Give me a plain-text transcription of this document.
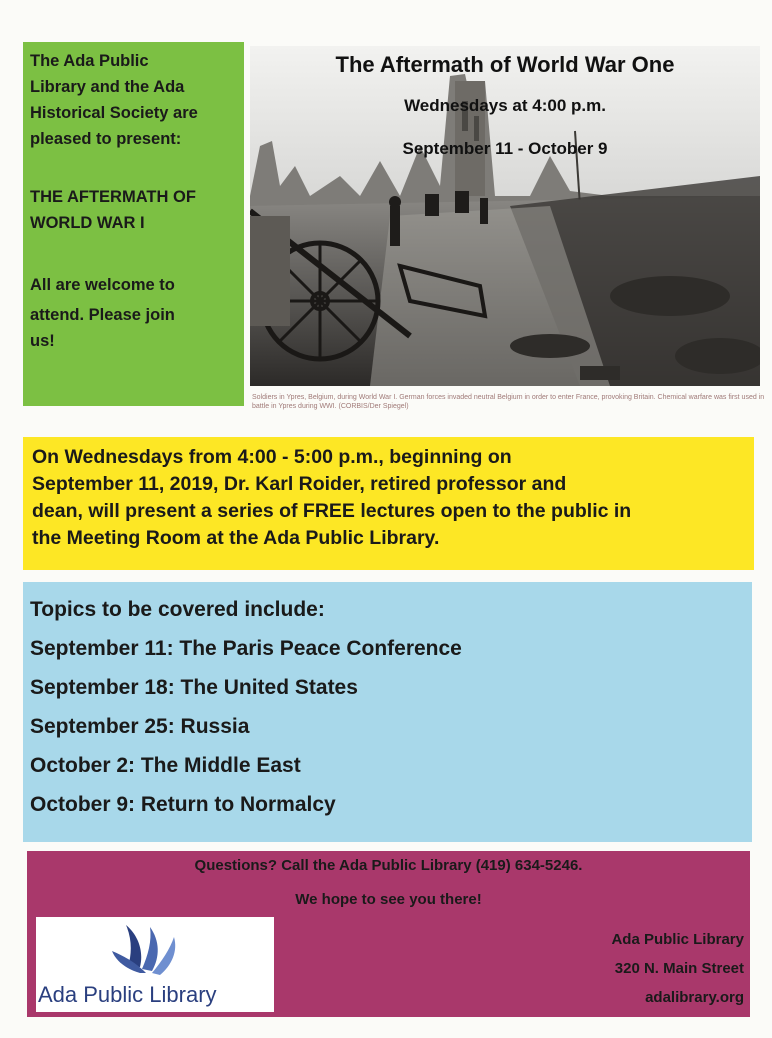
The Ada Public

Library and the Ada

Historical Society are

pleased to present:

THE AFTERMATH OF

WORLD WAR I

All are welcome to

attend. Please join

us!

The Aftermath of World War One
Wednesdays at 4:00 p.m.
September 11 - October 9
Soldiers in Ypres, Belgium, during World War I. German forces invaded neutral Belgium in order to enter France, provoking Britain. Chemical warfare was first used in battle in Ypres during WWI. (CORBIS/Der Spiegel)

On Wednesdays from 4:00 - 5:00 p.m., beginning on

September 11, 2019, Dr. Karl Roider, retired professor and

dean, will present a series of FREE lectures open to the public in

the Meeting Room at the Ada Public Library.

Topics to be covered include:
September 11: The Paris Peace Conference
September 18: The United States
September 25: Russia
October 2: The Middle East
October 9: Return to Normalcy
Questions? Call the Ada Public Library (419) 634-5246.
We hope to see you there!
Ada Public Library
Ada Public Library
320 N. Main Street
adalibrary.org
